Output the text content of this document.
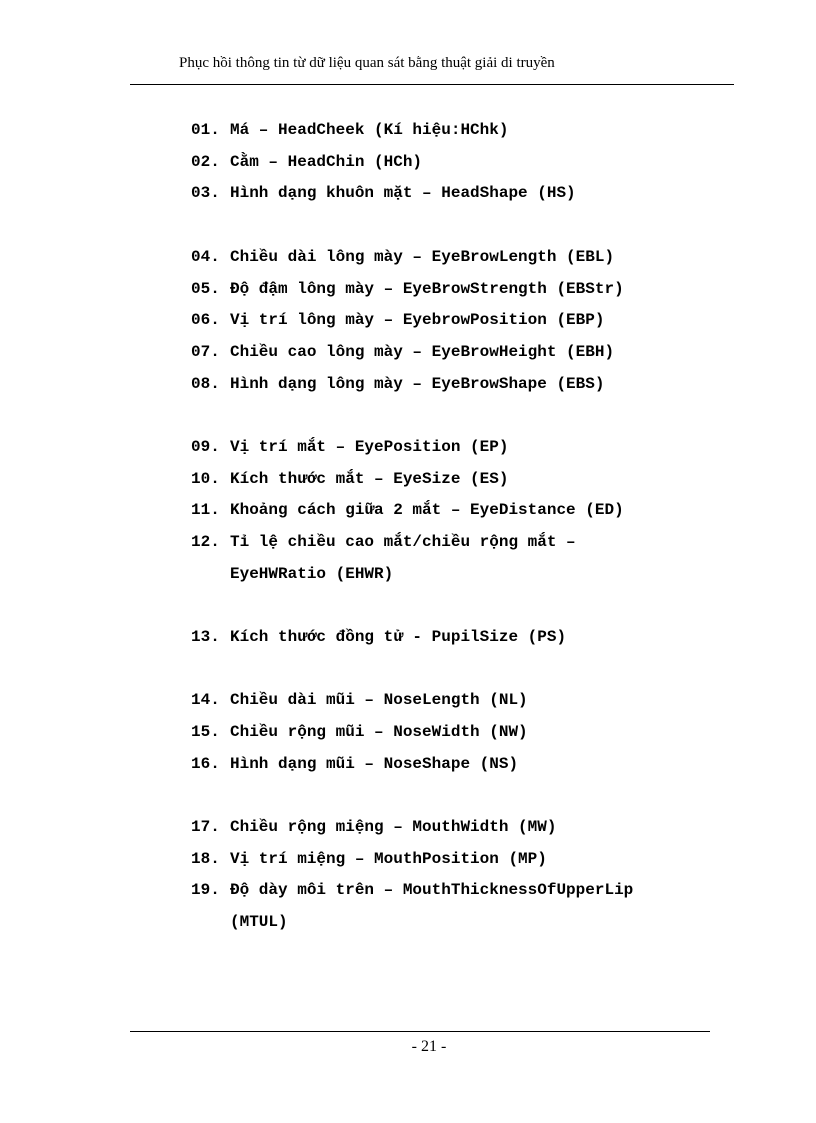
Phục hồi thông tin từ dữ liệu quan sát bằng thuật giải di truyền
01. Má – HeadCheek (Kí hiệu:HChk)
02. Cằm – HeadChin (HCh)
03. Hình dạng khuôn mặt – HeadShape (HS)
04. Chiều dài lông mày – EyeBrowLength (EBL)
05. Độ đậm lông mày – EyeBrowStrength (EBStr)
06. Vị trí lông mày – EyebrowPosition (EBP)
07. Chiều cao lông mày – EyeBrowHeight (EBH)
08. Hình dạng lông mày – EyeBrowShape (EBS)
09. Vị trí mắt – EyePosition (EP)
10. Kích thước mắt – EyeSize (ES)
11. Khoảng cách giữa 2 mắt – EyeDistance (ED)
12. Tỉ lệ chiều cao mắt/chiều rộng mắt –
EyeHWRatio (EHWR)
13. Kích thước đồng tử - PupilSize (PS)
14. Chiều dài mũi – NoseLength (NL)
15. Chiều rộng mũi – NoseWidth (NW)
16. Hình dạng mũi – NoseShape (NS)
17. Chiều rộng miệng – MouthWidth (MW)
18. Vị trí miệng – MouthPosition (MP)
19. Độ dày môi trên – MouthThicknessOfUpperLip
(MTUL)
- 21 -
